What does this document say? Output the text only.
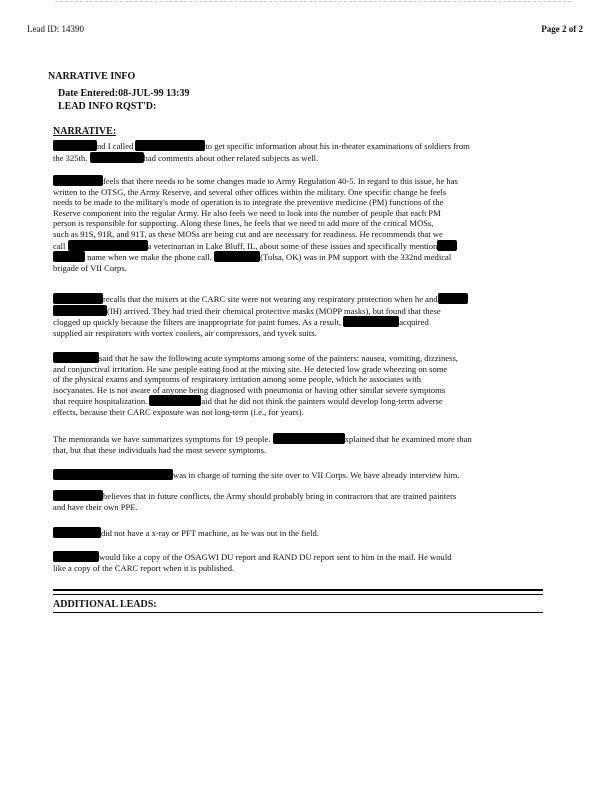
Lead ID: 14390	Page 2 of 2
NARRATIVE INFO
Date Entered:08-JUL-99 13:39
LEAD INFO RQST'D:
NARRATIVE:
nd I called	to get specific information about his in-theater examinations of soldiers from
the 325th.	had comments about other related subjects as well.
feels that there needs to be some changes made to Army Regulation 40-5. In regard to this issue, he has
written to the OTSG, the Army Reserve, and several other offices within the military. One specific change he feels
needs to be made to the military's mode of operation is to integrate the preventive medicine (PM) functions of the
Reserve component into the regular Army. He also feels we need to look into the number of people that each PM
person is responsible for supporting. Along these lines, he feels that we need to add more of the critical MOSs,
such as 91S, 91R, and 91T, as these MOSs are being cut and are necessary for readiness. He recommends that we
call	a veterinarian in Lake Bluff, IL, about some of these issues and specifically mention
name when we make the phone call.	(Tulsa, OK) was in PM support with the 332nd medical
brigade of VII Corps.
recalls that the mixers at the CARC site were not wearing any respiratory protection when he and
(IH) arrived. They had tried their chemical protective masks (MOPP masks), but found that these
clogged up quickly because the filters are inappropriate for paint fumes. As a result,	acquired
supplied air respirators with vortex coolers, air compressors, and tyvek suits.
said that he saw the following acute symptoms among some of the painters: nausea, vomiting, dizziness,
and conjunctival irritation. He saw people eating food at the mixing site. He detected low grade wheezing on some
of the physical exams and symptoms of respiratory irritation among some people, which he associates with
isocyanates. He is not aware of anyone being diagnosed with pneumonia or having other similar severe symptoms
that require hospitalization.	aid that he did not think the painters would develop long-term adverse
effects, because their CARC exposure was not long-term (i.e., for years).
The memoranda we have summarizes symptoms for 19 people.	xplained that he examined more than
that, but that these individuals had the most severe symptoms.
was in charge of turning the site over to VII Corps. We have already interview him.
believes that in future conflicts, the Army should probably bring in contractors that are trained painters
and have their own PPE.
did not have a x-ray or PFT machine, as he was out in the field.
would like a copy of the OSAGWI DU report and RAND DU report sent to him in the mail. He would
like a copy of the CARC report when it is published.
ADDITIONAL LEADS:
